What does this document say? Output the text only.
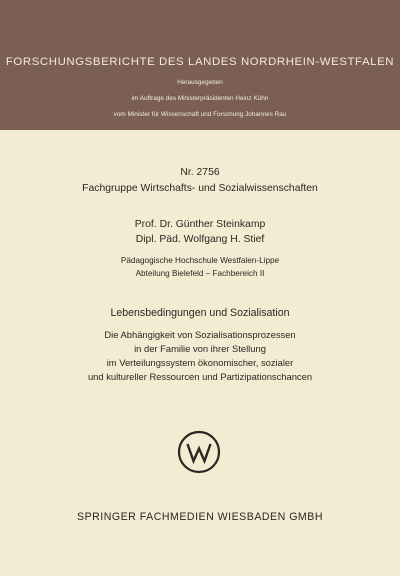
FORSCHUNGSBERICHTE DES LANDES NORDRHEIN-WESTFALEN
Herausgegeben
im Auftrage des Ministerpräsidenten Heinz Kühn
vom Minister für Wissenschaft und Forschung Johannes Rau
Nr. 2756
Fachgruppe Wirtschafts- und Sozialwissenschaften
Prof. Dr. Günther Steinkamp
Dipl. Päd. Wolfgang H. Stief
Pädagogische Hochschule Westfalen-Lippe
Abteilung Bielefeld – Fachbereich II
Lebensbedingungen und Sozialisation
Die Abhängigkeit von Sozialisationsprozessen
in der Familie von ihrer Stellung
im Verteilungssystem ökonomischer, sozialer
und kultureller Ressourcen und Partizipationschancen
SPRINGER FACHMEDIEN WIESBADEN GMBH
